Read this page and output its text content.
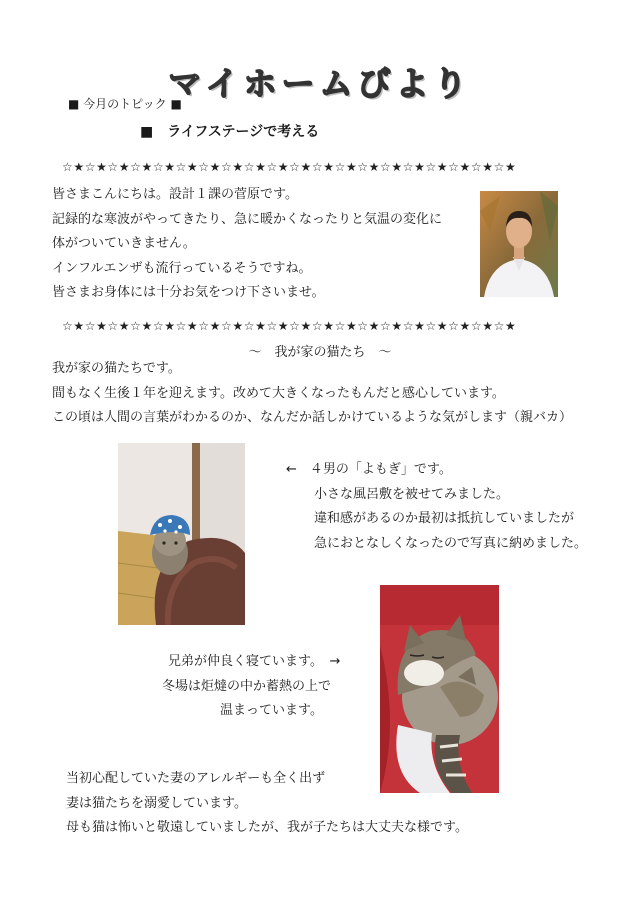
マイホームびより
■ 今月のトピック ■
■　ライフステージで考える
☆★☆★☆★☆★☆★☆★☆★☆★☆★☆★☆★☆★☆★☆★☆★☆★☆★☆★☆★☆★
皆さまこんにちは。設計１課の菅原です。
記録的な寒波がやってきたり、急に暖かくなったりと気温の変化に
体がついていきません。
インフルエンザも流行っているそうですね。
皆さまお身体には十分お気をつけ下さいませ。
☆★☆★☆★☆★☆★☆★☆★☆★☆★☆★☆★☆★☆★☆★☆★☆★☆★☆★☆★☆★
～　我が家の猫たち　～
我が家の猫たちです。
間もなく生後１年を迎えます。改めて大きくなったもんだと感心しています。
この頃は人間の言葉がわかるのか、なんだか話しかけているような気がします（親バカ）
←　４男の「よもぎ」です。
小さな風呂敷を被せてみました。
違和感があるのか最初は抵抗していましたが
急におとなしくなったので写真に納めました。
兄弟が仲良く寝ています。　→
冬場は炬燵の中か蓄熱の上で
温まっています。
当初心配していた妻のアレルギーも全く出ず
妻は猫たちを溺愛しています。
母も猫は怖いと敬遠していましたが、我が子たちは大丈夫な様です。
